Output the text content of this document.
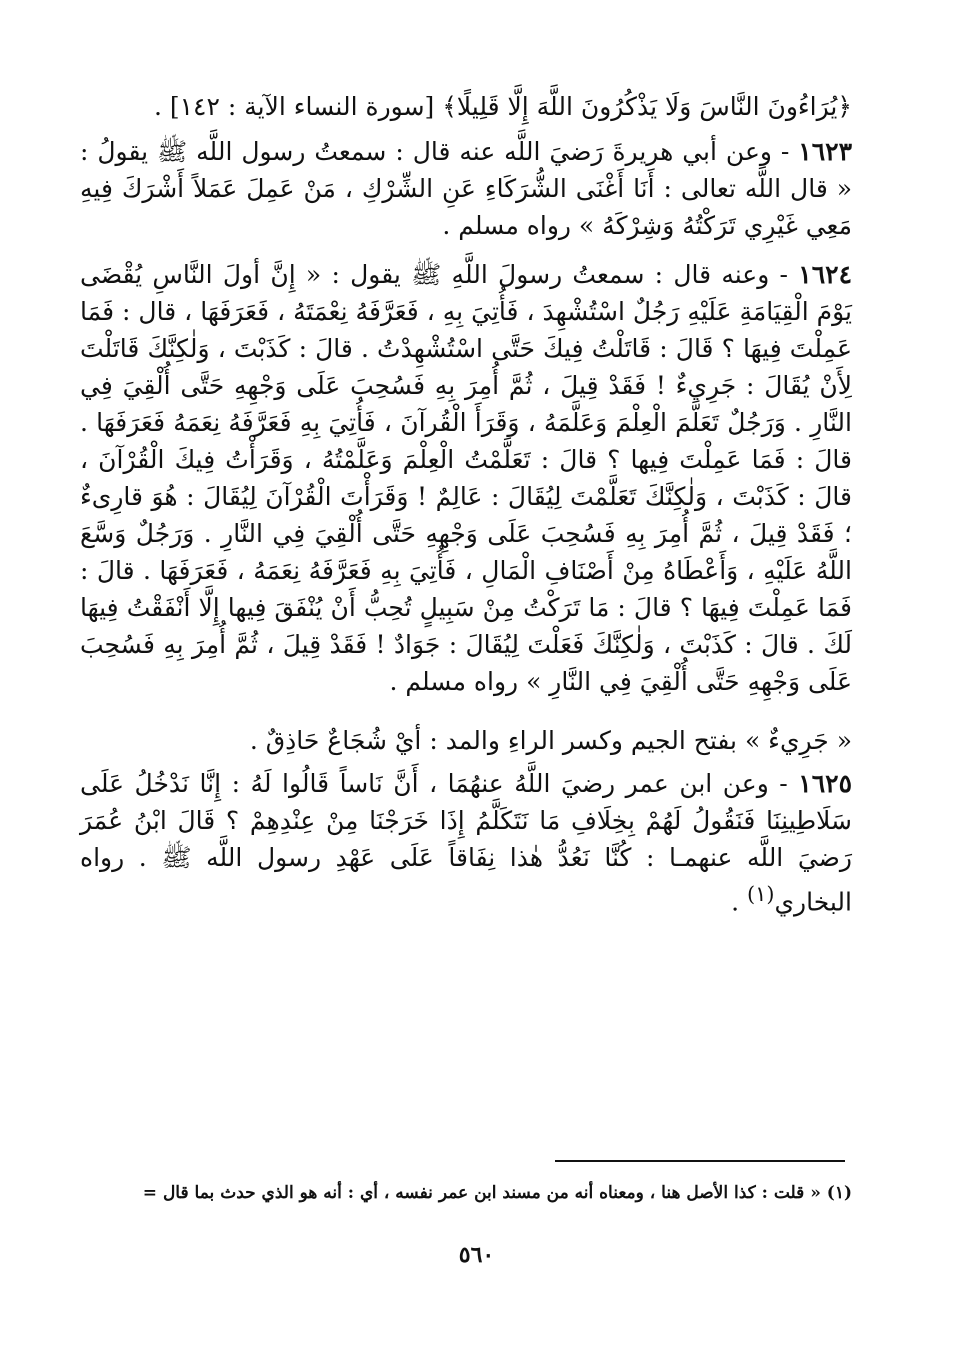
﴿يُرَاءُونَ النَّاسَ وَلَا يَذْكُرُونَ اللَّهَ إِلَّا قَلِيلًا﴾ [سورة النساء الآية : ١٤٢] .

١٦٢٣ - وعن أبي هريرةَ رَضيَ اللَّه عنه قال : سمعتُ رسول اللَّه ﷺ يقولُ : « قال اللَّه تعالى : أَنَا أَغْنَى الشُّرَكَاءِ عَنِ الشِّرْكِ ، مَنْ عَمِلَ عَمَلاً أَشْرَكَ فِيهِ مَعِي غَيْرِي تَرَكْتُهُ وَشِرْكَهُ » رواه مسلم .

١٦٢٤ - وعنه قال : سمعتُ رسولَ اللَّهِ ﷺ يقول : « إِنَّ أولَ النَّاسِ يُقْضَى يَوْمَ الْقِيَامَةِ عَلَيْهِ رَجُلٌ اسْتُشْهِدَ ، فَأُتِيَ بِهِ ، فَعَرَّفَهُ نِعْمَتَهُ ، فَعَرَفَهَا ، قال : فَمَا عَمِلْتَ فِيهَا ؟ قَالَ : قَاتَلْتُ فِيكَ حَتَّى اسْتُشْهِدْتُ . قالَ : كَذَبْتَ ، وَلٰكِنَّكَ قَاتَلْتَ لِأَنْ يُقَالَ : جَرِيءٌ ! فَقَدْ قِيلَ ، ثُمَّ أُمِرَ بِهِ فَسُحِبَ عَلَى وَجْهِهِ حَتَّى أُلْقِيَ فِي النَّارِ . وَرَجُلٌ تَعَلَّمَ الْعِلْمَ وَعَلَّمَهُ ، وَقَرَأَ الْقُرآنَ ، فَأُتِيَ بِهِ فَعَرَّفَهُ نِعَمَهُ فَعَرَفَهَا . قالَ : فَمَا عَمِلْتَ فِيها ؟ قالَ : تَعَلَّمْتُ الْعِلْمَ وَعَلَّمْتُهُ ، وَقَرَأْتُ فِيكَ الْقُرْآنَ ، قالَ : كَذَبْتَ ، وَلٰكِنَّكَ تَعَلَّمْتَ لِيُقَالَ : عَالِمٌ ! وَقَرَأْتَ الْقُرْآنَ لِيُقَالَ : هُوَ قارِىءٌ ؛ فَقَدْ قِيلَ ، ثُمَّ أُمِرَ بِهِ فَسُحِبَ عَلَى وَجْهِهِ حَتَّى أُلْقِيَ فِي النَّارِ . وَرَجُلٌ وَسَّعَ اللَّهُ عَلَيْهِ ، وَأَعْطَاهُ مِنْ أَصْنَافِ الْمَالِ ، فَأُتِيَ بِهِ فَعَرَّفَهُ نِعَمَهُ ، فَعَرَفَهَا . قالَ : فَمَا عَمِلْتَ فِيهَا ؟ قالَ : مَا تَرَكْتُ مِنْ سَبِيلٍ تُحِبُّ أَنْ يُنْفَقَ فِيها إِلَّا أَنْفَقْتُ فِيهَا لَكَ . قالَ : كَذَبْتَ ، وَلٰكِنَّكَ فَعَلْتَ لِيُقَالَ : جَوَادٌ ! فَقَدْ قِيلَ ، ثُمَّ أُمِرَ بِهِ فَسُحِبَ عَلَى وَجْهِهِ حَتَّى أُلْقِيَ فِي النَّارِ » رواه مسلم .

« جَرِيءٌ » بفتح الجيم وكسر الراءِ والمد : أيْ شُجَاعٌ حَاذِقٌ .

١٦٢٥ - وعن ابن عمر رضيَ اللَّهُ عنهُمَا ، أَنَّ نَاساً قَالُوا لَهُ : إِنَّا نَدْخُلُ عَلَى سَلَاطِينِنَا فَنَقُولُ لَهُمْ بِخِلَافِ مَا نَتَكَلَّمُ إِذَا خَرَجْنَا مِنْ عِنْدِهِمْ ؟ قَالَ ابْنُ عُمَرَ رَضيَ اللَّه عنهمـا : كُنَّا نَعُدُّ هٰذا نِفَاقاً عَلَى عَهْدِ رسول اللَّه ﷺ . رواه البخاري$^{(١)}$ .

(١) « قلت : كذا الأصل هنا ، ومعناه أنه من مسند ابن عمر نفسه ، أي : أنه هو الذي حدث بما قال =
٥٦٠
